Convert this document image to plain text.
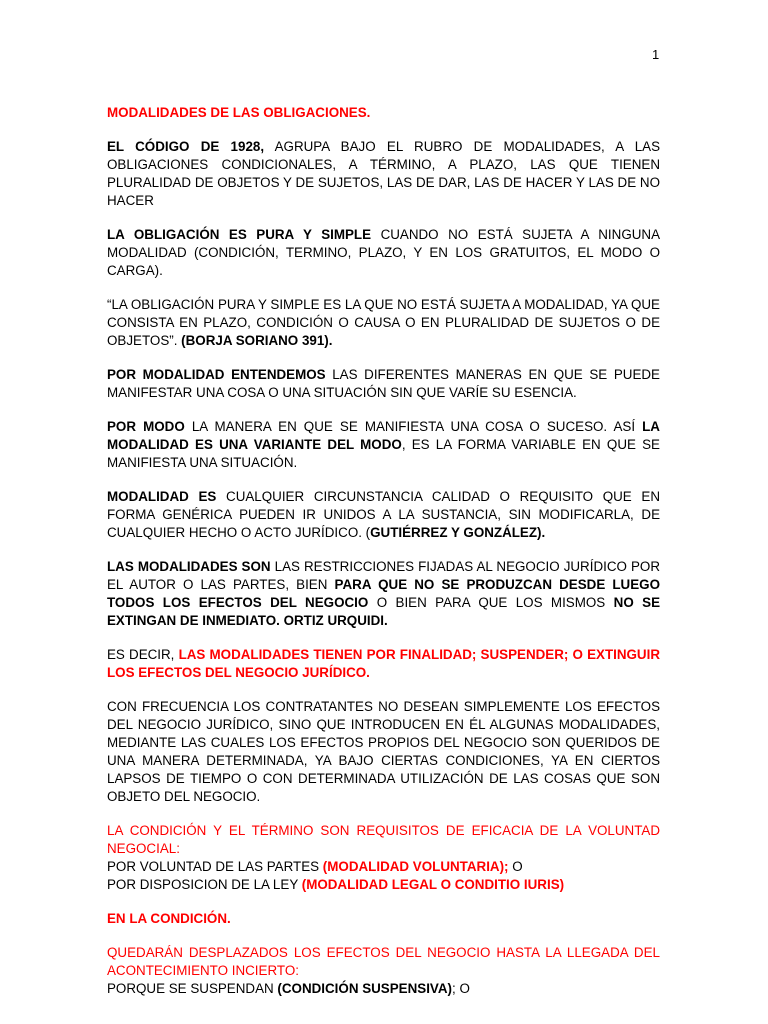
1

MODALIDADES DE LAS OBLIGACIONES.

EL CÓDIGO DE 1928, AGRUPA BAJO EL RUBRO DE MODALIDADES, A LAS OBLIGACIONES CONDICIONALES, A TÉRMINO, A PLAZO, LAS QUE TIENEN PLURALIDAD DE OBJETOS Y DE SUJETOS, LAS DE DAR, LAS DE HACER Y LAS DE NO HACER

LA OBLIGACIÓN ES PURA Y SIMPLE CUANDO NO ESTÁ SUJETA A NINGUNA MODALIDAD (CONDICIÓN, TERMINO, PLAZO, Y EN LOS GRATUITOS, EL MODO O CARGA).

“LA OBLIGACIÓN PURA Y SIMPLE ES LA QUE NO ESTÁ SUJETA A MODALIDAD, YA QUE CONSISTA EN PLAZO, CONDICIÓN O CAUSA O EN PLURALIDAD DE SUJETOS O DE OBJETOS”. (BORJA SORIANO 391).

POR MODALIDAD ENTENDEMOS LAS DIFERENTES MANERAS EN QUE SE PUEDE MANIFESTAR UNA COSA O UNA SITUACIÓN SIN QUE VARÍE SU ESENCIA.

POR MODO LA MANERA EN QUE SE MANIFIESTA UNA COSA O SUCESO. ASÍ LA MODALIDAD ES UNA VARIANTE DEL MODO, ES LA FORMA VARIABLE EN QUE SE MANIFIESTA UNA SITUACIÓN.

MODALIDAD ES CUALQUIER CIRCUNSTANCIA CALIDAD O REQUISITO QUE EN FORMA GENÉRICA PUEDEN IR UNIDOS A LA SUSTANCIA, SIN MODIFICARLA, DE CUALQUIER HECHO O ACTO JURÍDICO. (GUTIÉRREZ Y GONZÁLEZ).

LAS MODALIDADES SON LAS RESTRICCIONES FIJADAS AL NEGOCIO JURÍDICO POR EL AUTOR O LAS PARTES, BIEN PARA QUE NO SE PRODUZCAN DESDE LUEGO TODOS LOS EFECTOS DEL NEGOCIO O BIEN PARA QUE LOS MISMOS NO SE EXTINGAN DE INMEDIATO. ORTIZ URQUIDI.

ES DECIR, LAS MODALIDADES TIENEN POR FINALIDAD; SUSPENDER; O EXTINGUIR LOS EFECTOS DEL NEGOCIO JURÍDICO.

CON FRECUENCIA LOS CONTRATANTES NO DESEAN SIMPLEMENTE LOS EFECTOS DEL NEGOCIO JURÍDICO, SINO QUE INTRODUCEN EN ÉL ALGUNAS MODALIDADES, MEDIANTE LAS CUALES LOS EFECTOS PROPIOS DEL NEGOCIO SON QUERIDOS DE UNA MANERA DETERMINADA, YA BAJO CIERTAS CONDICIONES, YA EN CIERTOS LAPSOS DE TIEMPO O CON DETERMINADA UTILIZACIÓN DE LAS COSAS QUE SON OBJETO DEL NEGOCIO.

LA CONDICIÓN Y EL TÉRMINO SON REQUISITOS DE EFICACIA DE LA VOLUNTAD NEGOCIAL:
POR VOLUNTAD DE LAS PARTES (MODALIDAD VOLUNTARIA); O
POR DISPOSICION DE LA LEY (MODALIDAD LEGAL O CONDITIO IURIS)

EN LA CONDICIÓN.

QUEDARÁN DESPLAZADOS LOS EFECTOS DEL NEGOCIO HASTA LA LLEGADA DEL ACONTECIMIENTO INCIERTO:
PORQUE SE SUSPENDAN (CONDICIÓN SUSPENSIVA); O
